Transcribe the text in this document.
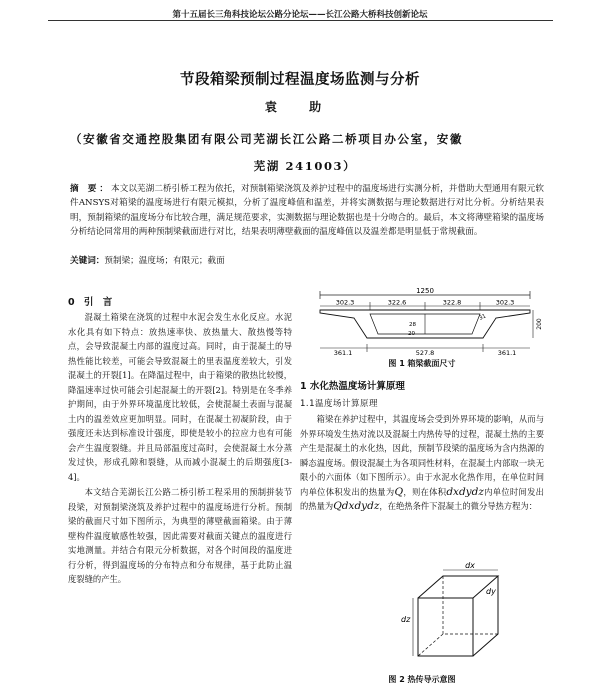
第十五届长三角科技论坛公路分论坛——长江公路大桥科技创新论坛
节段箱梁预制过程温度场监测与分析
袁 助
（安徽省交通控股集团有限公司芜湖长江公路二桥项目办公室，安徽
芜湖 241003）
摘 要：本文以芜湖二桥引桥工程为依托，对预制箱梁浇筑及养护过程中的温度场进行实测分析，并借助大型通用有限元软件ANSYS对箱梁的温度场进行有限元模拟，分析了温度峰值和温差，并将实测数据与理论数据进行对比分析。分析结果表明，预制箱梁的温度场分布比较合理，满足规范要求，实测数据与理论数据也是十分吻合的。最后，本文将薄壁箱梁的温度场分析结论同常用的两种预制梁截面进行对比，结果表明薄壁截面的温度峰值以及温差都是明显低于常规截面。
关键词：预制梁；温度场；有限元；截面
0 引 言

混凝土箱梁在浇筑的过程中水泥会发生水化反应。水泥水化具有如下特点：放热速率快、放热量大、散热慢等特点，会导致混凝土内部的温度过高。同时，由于混凝土的导热性能比较差，可能会导致混凝土的里表温度差较大，引发混凝土的开裂[1]。在降温过程中，由于箱梁的散热比较慢，降温速率过快可能会引起混凝土的开裂[2]。特别是在冬季养护期间，由于外界环境温度比较低，会使混凝土表面与混凝土内的温差效应更加明显。同时，在混凝土初凝阶段，由于强度还未达到标准设计强度，即使是较小的拉应力也有可能会产生温度裂缝。并且局部温度过高时，会使混凝土水分蒸发过快，形成孔隙和裂缝，从而减小混凝土的后期强度[3-4]。

本文结合芜湖长江公路二桥引桥工程采用的预制拼装节段梁，对预制梁浇筑及养护过程中的温度场进行分析。预制梁的截面尺寸如下图所示，为典型的薄壁截面箱梁。由于薄壁构件温度敏感性较强，因此需要对截面关键点的温度进行实地测量。并结合有限元分析数据，对各个时间段的温度进行分析，得到温度场的分布特点和分布规律，基于此防止温度裂缝的产生。

1250
302.3	322.6	322.8	302.3
28
20
31
200
361.1	527.8	361.1
图 1 箱梁截面尺寸
1 水化热温度场计算原理
1.1温度场计算原理

箱梁在养护过程中，其温度场会受到外界环境的影响，从而与外界环境发生热对流以及混凝土内热传导的过程，混凝土热的主要产生是混凝土的水化热，因此，预制节段梁的温度场为含内热源的瞬态温度场。假设混凝土为各项同性材料，在混凝土内部取一块无限小的六面体（如下图所示）。由于水泥水化热作用，在单位时间内单位体积发出的热量为Q，则在体积dxdydz内单位时间发出的热量为Qdxdydz，在绝热条件下混凝土的微分导热方程为：

dx
dy
dz
图 2 热传导示意图
